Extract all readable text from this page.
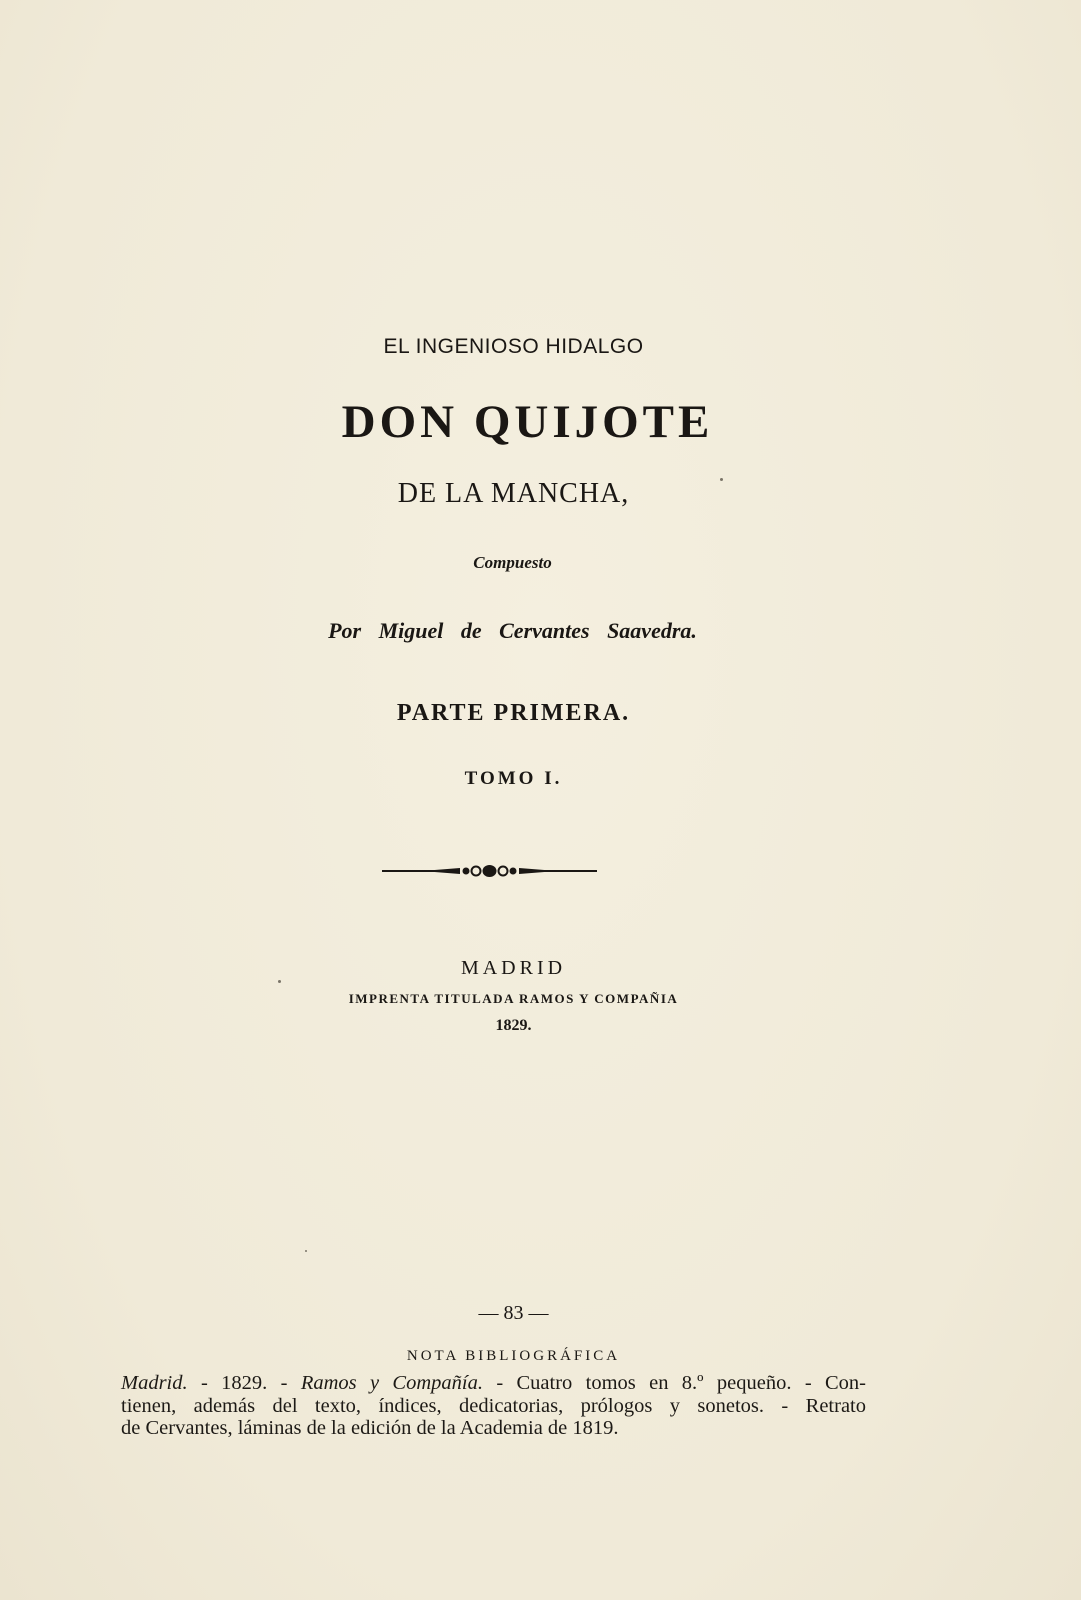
EL INGENIOSO HIDALGO
DON QUIJOTE
DE LA MANCHA,
Compuesto
Por Miguel de Cervantes Saavedra.
PARTE PRIMERA.
TOMO I.
MADRID
IMPRENTA TITULADA RAMOS Y COMPAÑIA
1829.
— 83 —
NOTA BIBLIOGRÁFICA
Madrid. - 1829. - Ramos y Compañía. - Cuatro tomos en 8.º pequeño. - Con-
tienen, además del texto, índices, dedicatorias, prólogos y sonetos. - Retrato
de Cervantes, láminas de la edición de la Academia de 1819.
